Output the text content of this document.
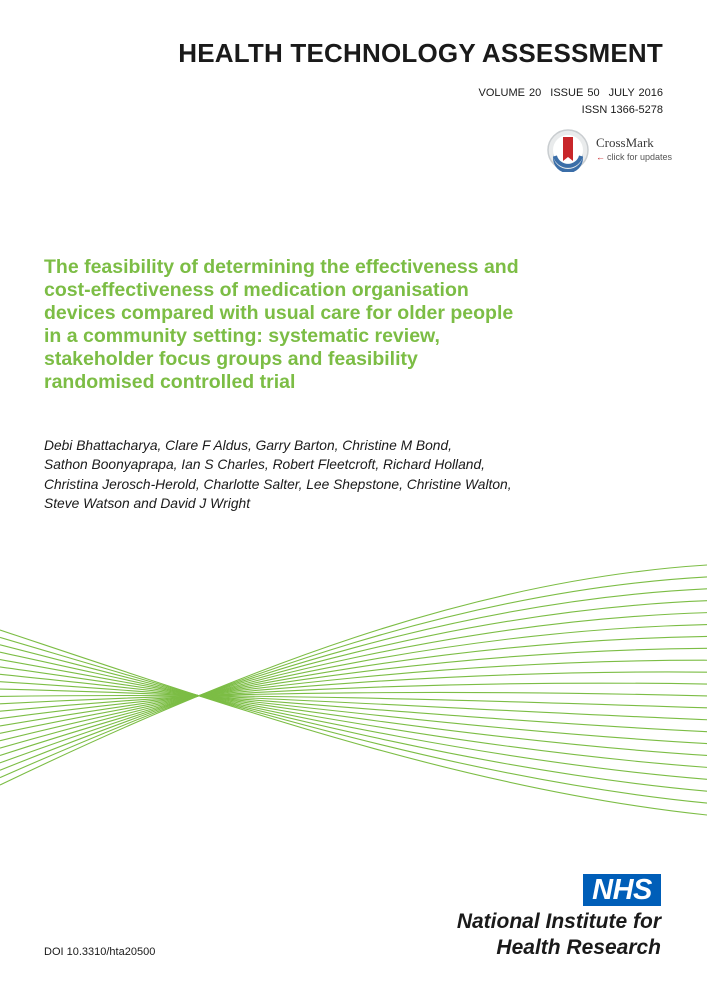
HEALTH TECHNOLOGY ASSESSMENT
VOLUME 20 ISSUE 50 JULY 2016
ISSN 1366-5278
CrossMark
← click for updates
The feasibility of determining the effectiveness and
cost-effectiveness of medication organisation
devices compared with usual care for older people
in a community setting: systematic review,
stakeholder focus groups and feasibility
randomised controlled trial
Debi Bhattacharya, Clare F Aldus, Garry Barton, Christine M Bond,
Sathon Boonyaprapa, Ian S Charles, Robert Fleetcroft, Richard Holland,
Christina Jerosch-Herold, Charlotte Salter, Lee Shepstone, Christine Walton,
Steve Watson and David J Wright
NHS
National Institute for
Health Research
DOI 10.3310/hta20500
